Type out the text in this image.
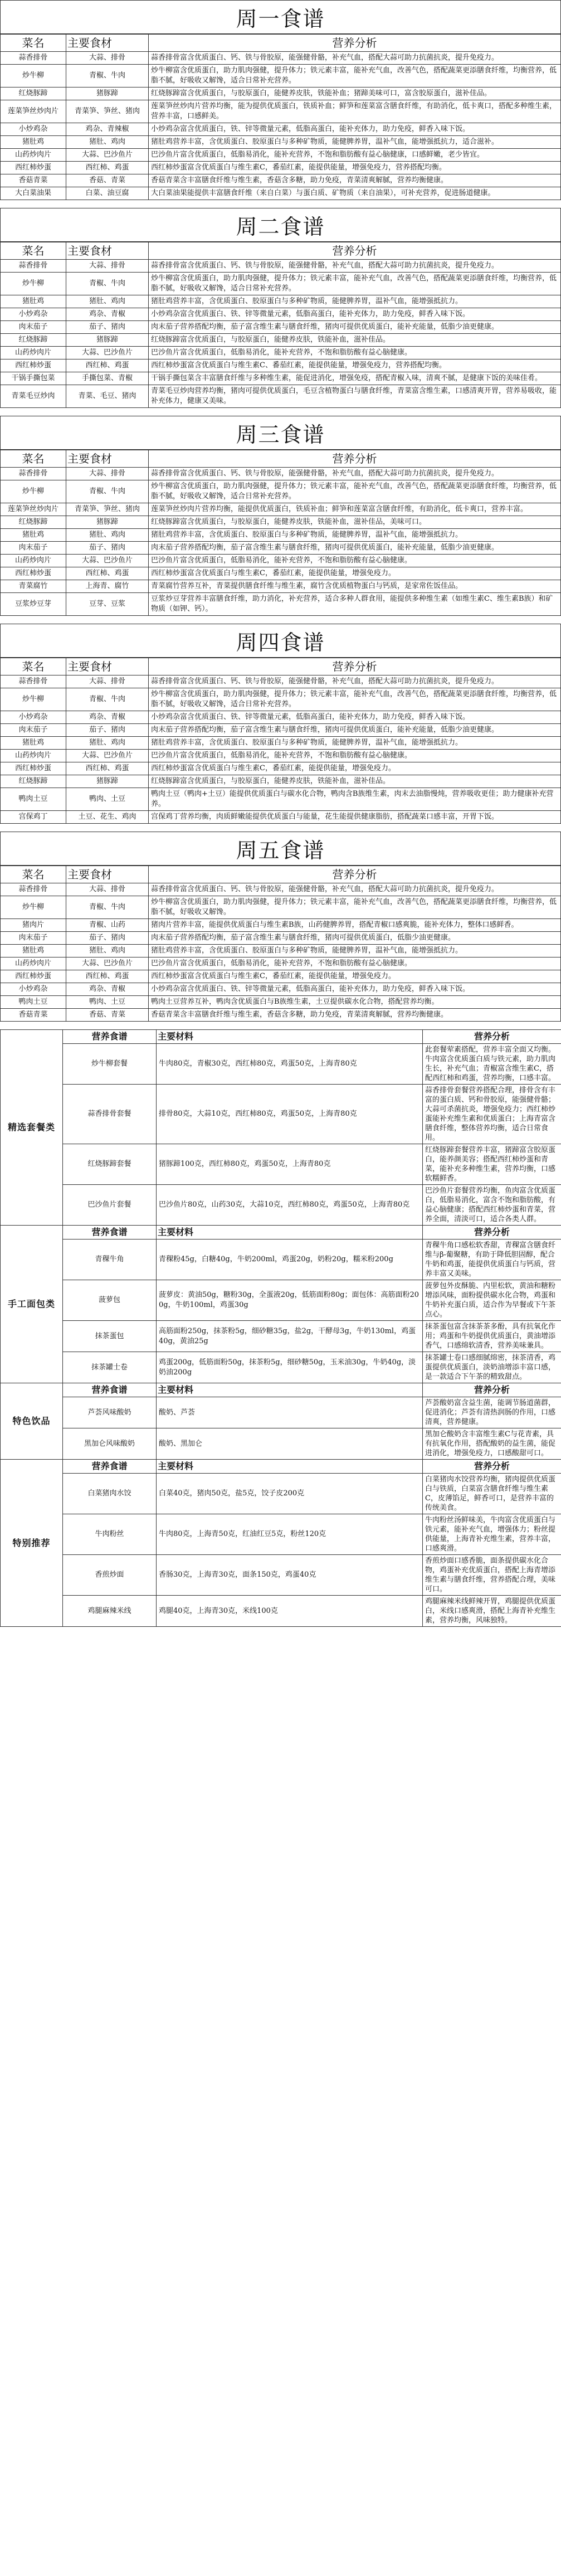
周一食谱
菜名	主要食材	营养分析
蒜香排骨	大蒜、排骨	蒜香排骨富含优质蛋白、钙、铁与骨胶原，能强健骨骼，补充气血，搭配大蒜可助力抗菌抗炎，提升免疫力。
炒牛柳	青椒、牛肉	炒牛柳富含优质蛋白，助力肌肉强健，提升体力；铁元素丰富，能补充气血，改善气色，搭配蔬菜更添膳食纤维，均衡营养，低脂不腻，好吸收又解馋，适合日常补充营养。
红烧豚蹄	猪豚蹄	红烧豚蹄富含优质蛋白，与胶原蛋白，能健养皮肤，铁能补血；猪蹄美味可口，富含胶原蛋白，滋补佳品。
莲菜笋丝炒肉片	青菜笋、笋丝、猪肉	莲菜笋丝炒肉片营养均衡，能为提供优质蛋白，铁质补血；鲜笋和莲菜富含膳食纤维，有助消化，低卡爽口，搭配多种维生素，营养丰富，口感鲜美。
小炒鸡杂	鸡杂、青辣椒	小炒鸡杂富含优质蛋白，铁、锌等微量元素，低脂高蛋白，能补充体力，助力免疫，鲜香入味下饭。
猪肚鸡	猪肚、鸡肉	猪肚鸡营养丰富，含优质蛋白、胶原蛋白与多种矿物质，能健脾养胃，温补气血，能增强抵抗力，适合滋补。
山药炒肉片	大蒜、巴沙鱼片	巴沙鱼片富含优质蛋白，低脂易消化，能补充营养，不饱和脂肪酸有益心脑健康，口感鲜嫩，老少皆宜。
西红柿炒蛋	西红柿、鸡蛋	西红柿炒蛋富含优质蛋白与维生素C，番茄红素，能提供能量，增强免疫力，营养搭配均衡。
香菇青菜	香菇、青菜	香菇青菜含丰富膳食纤维与维生素，香菇含多糖，助力免疫，青菜清爽解腻，营养均衡健康。
大白菜油果	白菜、油豆腐	大白菜油果能提供丰富膳食纤维（来自白菜）与蛋白质、矿物质（来自油果），可补充营养，促进肠道健康。
周二食谱
菜名	主要食材	营养分析
蒜香排骨	大蒜、排骨	蒜香排骨富含优质蛋白、钙、铁与骨胶原，能强健骨骼，补充气血，搭配大蒜可助力抗菌抗炎，提升免疫力。
炒牛柳	青椒、牛肉	炒牛柳富含优质蛋白，助力肌肉强健，提升体力；铁元素丰富，能补充气血，改善气色，搭配蔬菜更添膳食纤维，均衡营养，低脂不腻，好吸收又解馋，适合日常补充营养。
猪肚鸡	猪肚、鸡肉	猪肚鸡营养丰富，含优质蛋白、胶原蛋白与多种矿物质，能健脾养胃，温补气血，能增强抵抗力。
小炒鸡杂	鸡杂、青椒	小炒鸡杂富含优质蛋白、铁、锌等微量元素，低脂高蛋白，能补充体力，助力免疫，鲜香入味下饭。
肉末茄子	茄子、猪肉	肉末茄子营养搭配均衡，茄子富含维生素与膳食纤维，猪肉可提供优质蛋白，能补充能量，低脂少油更健康。
红烧豚蹄	猪豚蹄	红烧豚蹄富含优质蛋白，与胶原蛋白，能健养皮肤，铁能补血，滋补佳品。
山药炒肉片	大蒜、巴沙鱼片	巴沙鱼片富含优质蛋白，低脂易消化，能补充营养，不饱和脂肪酸有益心脑健康。
西红柿炒蛋	西红柿、鸡蛋	西红柿炒蛋富含优质蛋白与维生素C、番茄红素，能提供能量，增强免疫力，营养搭配均衡。
干锅手撕包菜	手撕包菜、青椒	干锅手撕包菜含丰富膳食纤维与多种维生素，能促进消化，增强免疫，搭配青椒入味，清爽不腻，是健康下饭的美味佳肴。
青菜毛豆炒肉	青菜、毛豆、猪肉	青菜毛豆炒肉营养均衡，猪肉可提供优质蛋白，毛豆含植物蛋白与膳食纤维，青菜富含维生素，口感清爽开胃，营养易吸收，能补充体力，健康又美味。
周三食谱
菜名	主要食材	营养分析
蒜香排骨	大蒜、排骨	蒜香排骨富含优质蛋白、钙、铁与骨胶原，能强健骨骼，补充气血，搭配大蒜可助力抗菌抗炎，提升免疫力。
炒牛柳	青椒、牛肉	炒牛柳富含优质蛋白，助力肌肉强健，提升体力；铁元素丰富，能补充气血，改善气色，搭配蔬菜更添膳食纤维，均衡营养，低脂不腻，好吸收又解馋，适合日常补充营养。
莲菜笋丝炒肉片	青菜笋、笋丝、猪肉	莲菜笋丝炒肉片营养均衡，能提供优质蛋白，铁质补血；鲜笋和莲菜富含膳食纤维，有助消化，低卡爽口，营养丰富。
红烧豚蹄	猪豚蹄	红烧豚蹄富含优质蛋白，与胶原蛋白，能健养皮肤，铁能补血，滋补佳品，美味可口。
猪肚鸡	猪肚、鸡肉	猪肚鸡营养丰富，含优质蛋白、胶原蛋白与多种矿物质，能健脾养胃，温补气血，能增强抵抗力。
肉末茄子	茄子、猪肉	肉末茄子营养搭配均衡，茄子富含维生素与膳食纤维，猪肉可提供优质蛋白，能补充能量，低脂少油更健康。
山药炒肉片	大蒜、巴沙鱼片	巴沙鱼片富含优质蛋白，低脂易消化，能补充营养，不饱和脂肪酸有益心脑健康。
西红柿炒蛋	西红柿、鸡蛋	西红柿炒蛋富含优质蛋白与维生素C，番茄红素，能提供能量，增强免疫力。
青菜腐竹	上海青、腐竹	青菜腐竹营养互补，青菜提供膳食纤维与维生素，腐竹含优质植物蛋白与钙质，是家常佐饭佳品。
豆浆炒豆芽	豆芽、豆浆	豆浆炒豆芽营养丰富膳食纤维，助力消化，补充营养，适合多种人群食用，能提供多种维生素（如维生素C、维生素B族）和矿物质（如钾、钙）。
周四食谱
菜名	主要食材	营养分析
蒜香排骨	大蒜、排骨	蒜香排骨富含优质蛋白、钙、铁与骨胶原，能强健骨骼，补充气血，搭配大蒜可助力抗菌抗炎，提升免疫力。
炒牛柳	青椒、牛肉	炒牛柳富含优质蛋白，助力肌肉强健，提升体力；铁元素丰富，能补充气血，改善气色，搭配蔬菜更添膳食纤维，均衡营养，低脂不腻，好吸收又解馋，适合日常补充营养。
小炒鸡杂	鸡杂、青椒	小炒鸡杂富含优质蛋白、铁、锌等微量元素，低脂高蛋白，能补充体力，助力免疫，鲜香入味下饭。
肉末茄子	茄子、猪肉	肉末茄子营养搭配均衡，茄子富含维生素与膳食纤维，猪肉可提供优质蛋白，能补充能量，低脂少油更健康。
猪肚鸡	猪肚、鸡肉	猪肚鸡营养丰富，含优质蛋白、胶原蛋白与多种矿物质，能健脾养胃，温补气血，能增强抵抗力。
山药炒肉片	大蒜、巴沙鱼片	巴沙鱼片富含优质蛋白，低脂易消化，能补充营养，不饱和脂肪酸有益心脑健康。
西红柿炒蛋	西红柿、鸡蛋	西红柿炒蛋富含优质蛋白与维生素C，番茄红素，能提供能量，增强免疫力。
红烧豚蹄	猪豚蹄	红烧豚蹄富含优质蛋白，与胶原蛋白，能健养皮肤，铁能补血，滋补佳品。
鸭肉土豆	鸭肉、土豆	鸭肉土豆（鸭肉+土豆）能提供优质蛋白与碳水化合物，鸭肉含B族维生素，肉末去油脂慢炖，营养吸收更佳；助力健康补充营养。
宫保鸡丁	土豆、花生、鸡肉	宫保鸡丁营养均衡，肉质鲜嫩能提供优质蛋白与能量，花生能提供健康脂肪，搭配蔬菜口感丰富，开胃下饭。
周五食谱
菜名	主要食材	营养分析
蒜香排骨	大蒜、排骨	蒜香排骨富含优质蛋白、钙、铁与骨胶原，能强健骨骼，补充气血，搭配大蒜可助力抗菌抗炎，提升免疫力。
炒牛柳	青椒、牛肉	炒牛柳富含优质蛋白，助力肌肉强健，提升体力；铁元素丰富，能补充气血，改善气色，搭配蔬菜更添膳食纤维，均衡营养，低脂不腻，好吸收又解馋。
猪肉片	青椒、山药	猪肉片营养丰富，能提供优质蛋白与维生素B族，山药健脾养胃，搭配青椒口感爽脆，能补充体力，整体口感鲜香。
肉末茄子	茄子、猪肉	肉末茄子营养搭配均衡，茄子富含维生素与膳食纤维，猪肉可提供优质蛋白，低脂少油更健康。
猪肚鸡	猪肚、鸡肉	猪肚鸡营养丰富，含优质蛋白、胶原蛋白与多种矿物质，能健脾养胃，温补气血，能增强抵抗力。
山药炒肉片	大蒜、巴沙鱼片	巴沙鱼片富含优质蛋白，低脂易消化，能补充营养，不饱和脂肪酸有益心脑健康。
西红柿炒蛋	西红柿、鸡蛋	西红柿炒蛋富含优质蛋白与维生素C，番茄红素，能提供能量，增强免疫力。
小炒鸡杂	鸡杂、青椒	小炒鸡杂富含优质蛋白、铁、锌等微量元素，低脂高蛋白，能补充体力，助力免疫，鲜香入味下饭。
鸭肉土豆	鸭肉、土豆	鸭肉土豆营养互补，鸭肉含优质蛋白与B族维生素，土豆提供碳水化合物，搭配营养均衡。
香菇青菜	香菇、青菜	香菇青菜含丰富膳食纤维与维生素，香菇含多糖，助力免疫，青菜清爽解腻，营养均衡健康。
精选套餐类	营养食谱	主要材料	营养分析
	炒牛柳套餐	牛肉80克，青椒30克，西红柿80克，鸡蛋50克，上海青80克	此套餐荤素搭配，营养丰富全面又均衡。牛肉富含优质蛋白质与铁元素，助力肌肉生长，补充气血；青椒富含维生素C，搭配西红柿和鸡蛋，营养均衡，口感丰富。
	蒜香排骨套餐	排骨80克，大蒜10克，西红柿80克，鸡蛋50克，上海青80克	蒜香排骨套餐营养搭配合理，排骨含有丰富的蛋白质、钙和骨胶原，能强健骨骼；大蒜可杀菌抗炎，增强免疫力；西红柿炒蛋能补充维生素和优质蛋白；上海青富含膳食纤维，整体营养均衡，适合日常食用。
	红烧豚蹄套餐	猪豚蹄100克，西红柿80克，鸡蛋50克，上海青80克	红烧豚蹄套餐营养丰富，猪蹄富含胶原蛋白，能养颜美容；搭配西红柿炒蛋和青菜，能补充多种维生素，营养均衡，口感软糯鲜香。
	巴沙鱼片套餐	巴沙鱼片80克，山药30克，大蒜10克，西红柿80克，鸡蛋50克，上海青80克	巴沙鱼片套餐营养均衡，鱼肉富含优质蛋白，低脂易消化，富含不饱和脂肪酸，有益心脑健康；搭配西红柿炒蛋和青菜，营养全面，清淡可口，适合各类人群。
手工面包类	营养食谱	主要材料	营养分析
	青稞牛角	青稞粉45g，白糖40g，牛奶200ml，鸡蛋20g，奶粉20g，糯米粉200g	青稞牛角口感松软香甜，青稞富含膳食纤维与β-葡聚糖，有助于降低胆固醇，配合牛奶和鸡蛋，能提供优质蛋白与钙质，营养丰富又美味。
	菠萝包	菠萝皮：黄油50g，糖粉30g，全蛋液20g，低筋面粉80g；面包体：高筋面粉200g，牛奶100ml，鸡蛋30g	菠萝包外皮酥脆、内里松软，黄油和糖粉增添风味，面粉提供碳水化合物，鸡蛋和牛奶补充蛋白质，适合作为早餐或下午茶点心。
	抹茶蛋包	高筋面粉250g，抹茶粉5g，细砂糖35g，盐2g，干酵母3g，牛奶130ml，鸡蛋40g，黄油25g	抹茶蛋包富含抹茶茶多酚，具有抗氧化作用；鸡蛋和牛奶提供优质蛋白，黄油增添香气，口感绵软清香，营养美味兼具。
	抹茶罐士卷	鸡蛋200g，低筋面粉50g，抹茶粉5g，细砂糖50g，玉米油30g，牛奶40g，淡奶油200g	抹茶罐士卷口感细腻绵密，抹茶清香，鸡蛋提供优质蛋白，淡奶油增添丰富口感，是一款适合下午茶的精致甜点。
特色饮品	营养食谱	主要材料	营养分析
	芦荟风味酸奶	酸奶、芦荟	芦荟酸奶富含益生菌，能调节肠道菌群，促进消化；芦荟有清热润肠的作用，口感清爽，营养健康。
	黑加仑风味酸奶	酸奶、黑加仑	黑加仑酸奶含丰富维生素C与花青素，具有抗氧化作用，搭配酸奶的益生菌，能促进消化，增强免疫力，口感酸甜可口。
特别推荐	营养食谱	主要材料	营养分析
	白菜猪肉水饺	白菜40克，猪肉50克，盐5克，饺子皮200克	白菜猪肉水饺营养均衡，猪肉提供优质蛋白与铁质，白菜富含膳食纤维与维生素C，皮薄馅足，鲜香可口，是营养丰富的传统美食。
	牛肉粉丝	牛肉80克，上海青50克，红油红豆5克，粉丝120克	牛肉粉丝汤鲜味美，牛肉富含优质蛋白与铁元素，能补充气血，增强体力；粉丝提供能量，上海青补充维生素，营养丰富，口感爽滑。
	香煎炒面	香肠30克，上海青30克，面条150克，鸡蛋40克	香煎炒面口感香脆，面条提供碳水化合物，鸡蛋补充优质蛋白，搭配上海青增添维生素与膳食纤维，营养搭配合理，美味可口。
	鸡腿麻辣米线	鸡腿40克，上海青30克，米线100克	鸡腿麻辣米线鲜辣开胃，鸡腿提供优质蛋白，米线口感爽滑，搭配上海青补充维生素，营养均衡，风味独特。
